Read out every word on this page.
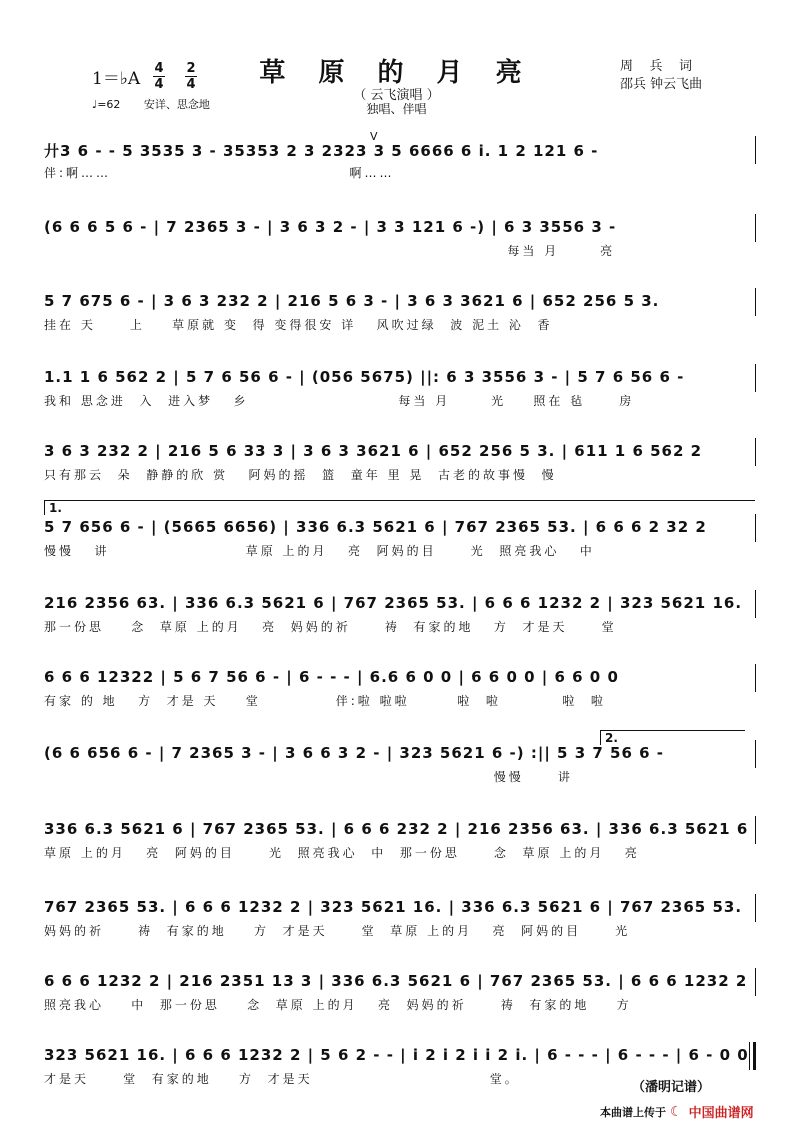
1＝♭A
4
4
2
4
♩=62 安详、思念地
草 原 的 月 亮
（ 云飞演唱 ）
独唱、伴唱
周    兵    词
邵兵 钟云飞曲
V
廾3 6 - - 5 3535 3 - 35353 2 3 2323 3 5 6666 6 i. 1 2 121 6 -
伴:啊……                                   啊……
(6 6 6 5 6 - | 7 2365 3 - | 3 6 3 2 - | 3 3 121 6 -) | 6 3 3556 3 -
每当 月      亮
5 7 675 6 - | 3 6 3 232 2 | 216 5 6 3 - | 3 6 3 3621 6 | 652 256 5 3.
挂在 天     上    草原就 变  得 变得很安 详   风吹过绿  波 泥土 沁  香
1.1 1 6 562 2 | 5 7 6 56 6 - | (056 5675) ||: 6 3 3556 3 - | 5 7 6 56 6 -
我和 思念进  入  进入梦   乡                      每当 月      光    照在 毡     房
3 6 3 232 2 | 216 5 6 33 3 | 3 6 3 3621 6 | 652 256 5 3. | 611 1 6 562 2
只有那云  朵  静静的欣 赏   阿妈的摇  篮  童年 里 晃  古老的故事慢  慢
1.
5 7 656 6 - | (5665 6656) | 336 6.3 5621 6 | 767 2365 53. | 6 6 6 2 32 2
慢慢   讲                    草原 上的月   亮  阿妈的目     光  照亮我心   中
216 2356 63. | 336 6.3 5621 6 | 767 2365 53. | 6 6 6 1232 2 | 323 5621 16.
那一份思    念  草原 上的月   亮  妈妈的祈     祷  有家的地   方  才是天     堂
6 6 6 12322 | 5 6 7 56 6 - | 6 - - - | 6.6 6 0 0 | 6 6 0 0 | 6 6 0 0
有家 的 地   方  才是 天    堂           伴:啦 啦啦       啦  啦         啦  啦
2.
(6 6 656 6 - | 7 2365 3 - | 3 6 6 3 2 - | 323 5621 6 -) :|| 5 3 7 56 6 -
慢慢     讲
336 6.3 5621 6 | 767 2365 53. | 6 6 6 232 2 | 216 2356 63. | 336 6.3 5621 6
草原 上的月   亮  阿妈的目     光  照亮我心  中  那一份思     念  草原 上的月   亮
767 2365 53. | 6 6 6 1232 2 | 323 5621 16. | 336 6.3 5621 6 | 767 2365 53.
妈妈的祈     祷  有家的地    方  才是天     堂  草原 上的月   亮  阿妈的目     光
6 6 6 1232 2 | 216 2351 13 3 | 336 6.3 5621 6 | 767 2365 53. | 6 6 6 1232 2
照亮我心    中  那一份思    念  草原 上的月   亮  妈妈的祈     祷  有家的地    方
323 5621 16. | 6 6 6 1232 2 | 5 6 2 - - | i 2 i 2 i i 2 i. | 6 - - - | 6 - - - | 6 - 0 0
才是天     堂  有家的地    方  才是天                          堂。
（潘明记谱）
本曲谱上传于 ☾ 中国曲谱网
